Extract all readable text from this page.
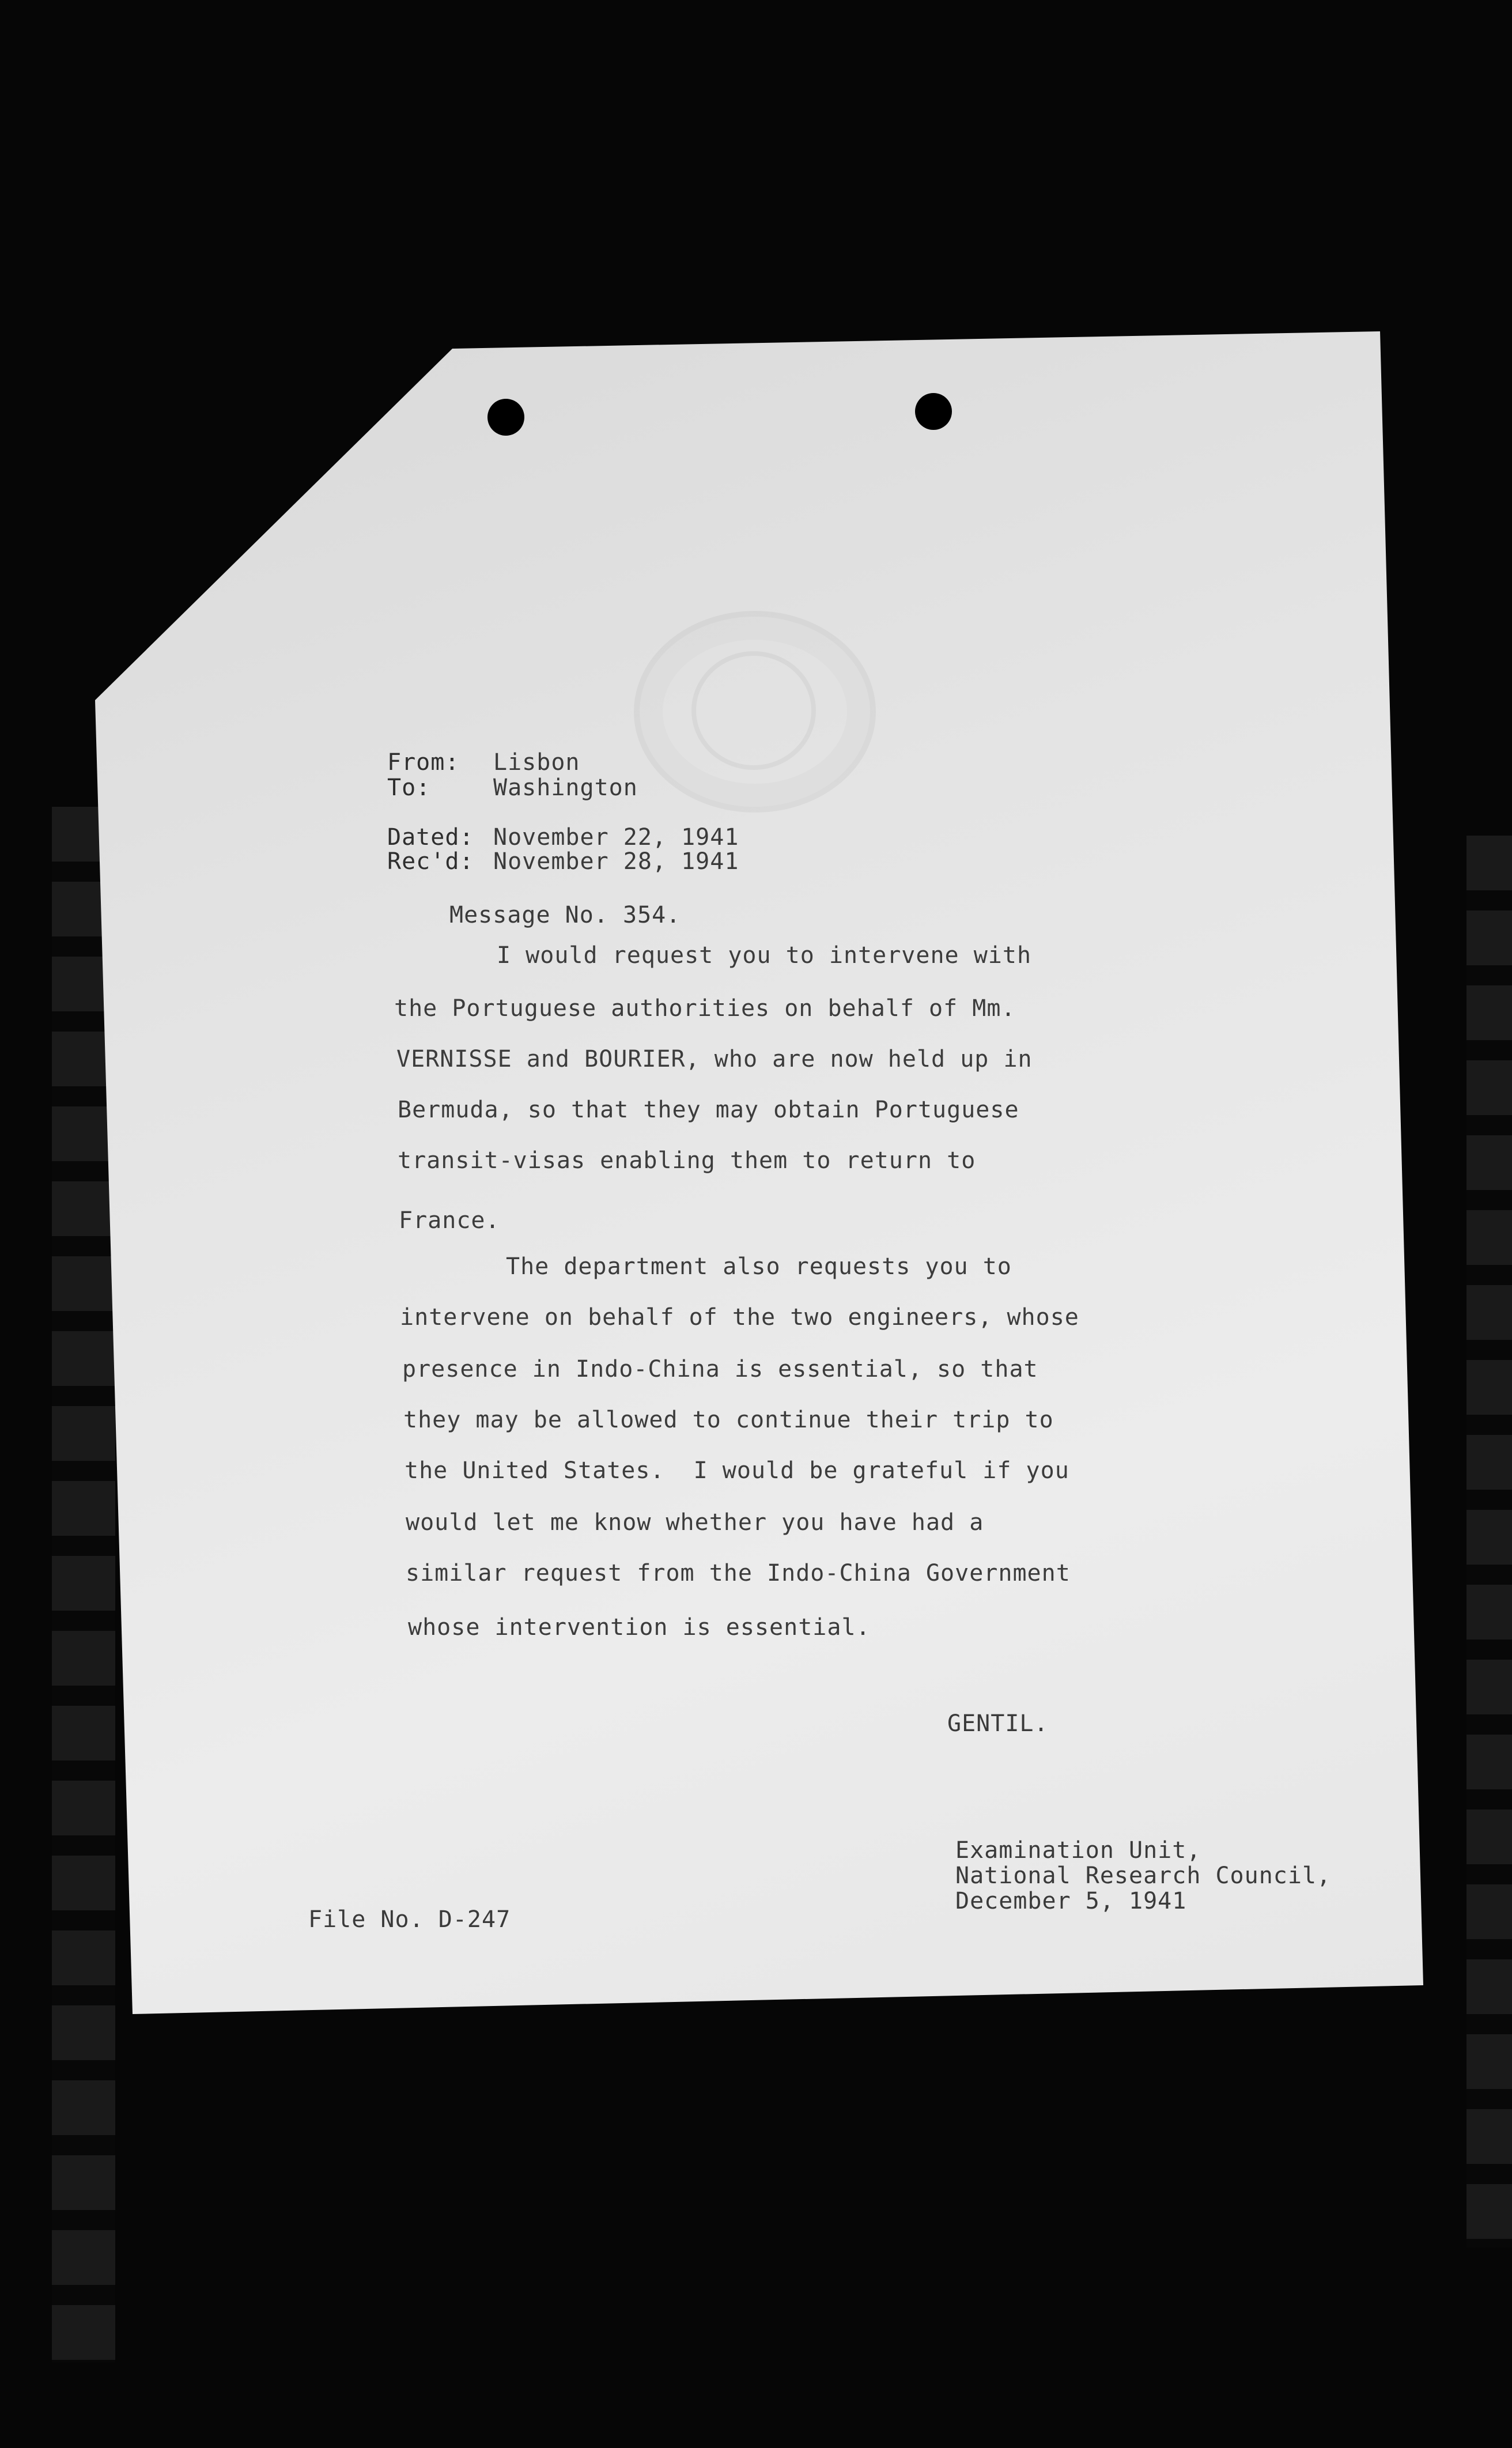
From: Lisbon
To:	Washington
Dated: November 22, 1941
Rec'd: November 28, 1941
Message No. 354.
I would request you to intervene with
the Portuguese authorities on behalf of Mm.
VERNISSE and BOURIER, who are now held up in
Bermuda, so that they may obtain Portuguese
transit-visas enabling them to return to
France.
The department also requests you to
intervene on behalf of the two engineers, whose
presence in Indo-China is essential, so that
they may be allowed to continue their trip to
the United States.  I would be grateful if you
would let me know whether you have had a
similar request from the Indo-China Government
whose intervention is essential.
GENTIL.
Examination Unit,
National Research Council,
December 5, 1941
File No. D-247
